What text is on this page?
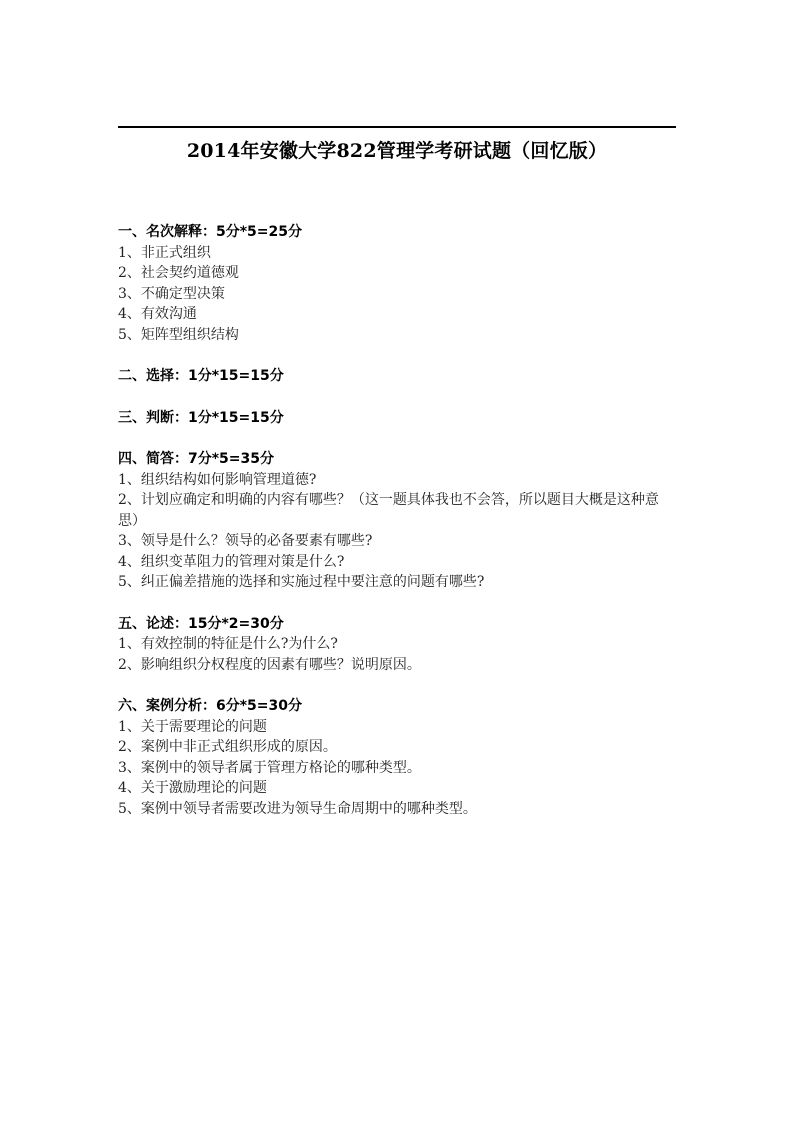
2014年安徽大学822管理学考研试题（回忆版）
一、名次解释：5分*5=25分
1、非正式组织
2、社会契约道德观
3、不确定型决策
4、有效沟通
5、矩阵型组织结构
二、选择：1分*15=15分
三、判断：1分*15=15分
四、简答：7分*5=35分
1、组织结构如何影响管理道德?
2、计划应确定和明确的内容有哪些？（这一题具体我也不会答，所以题目大概是这种意思）
3、领导是什么？领导的必备要素有哪些?
4、组织变革阻力的管理对策是什么?
5、纠正偏差措施的选择和实施过程中要注意的问题有哪些?
五、论述：15分*2=30分
1、有效控制的特征是什么?为什么?
2、影响组织分权程度的因素有哪些？说明原因。
六、案例分析：6分*5=30分
1、关于需要理论的问题
2、案例中非正式组织形成的原因。
3、案例中的领导者属于管理方格论的哪种类型。
4、关于激励理论的问题
5、案例中领导者需要改进为领导生命周期中的哪种类型。
